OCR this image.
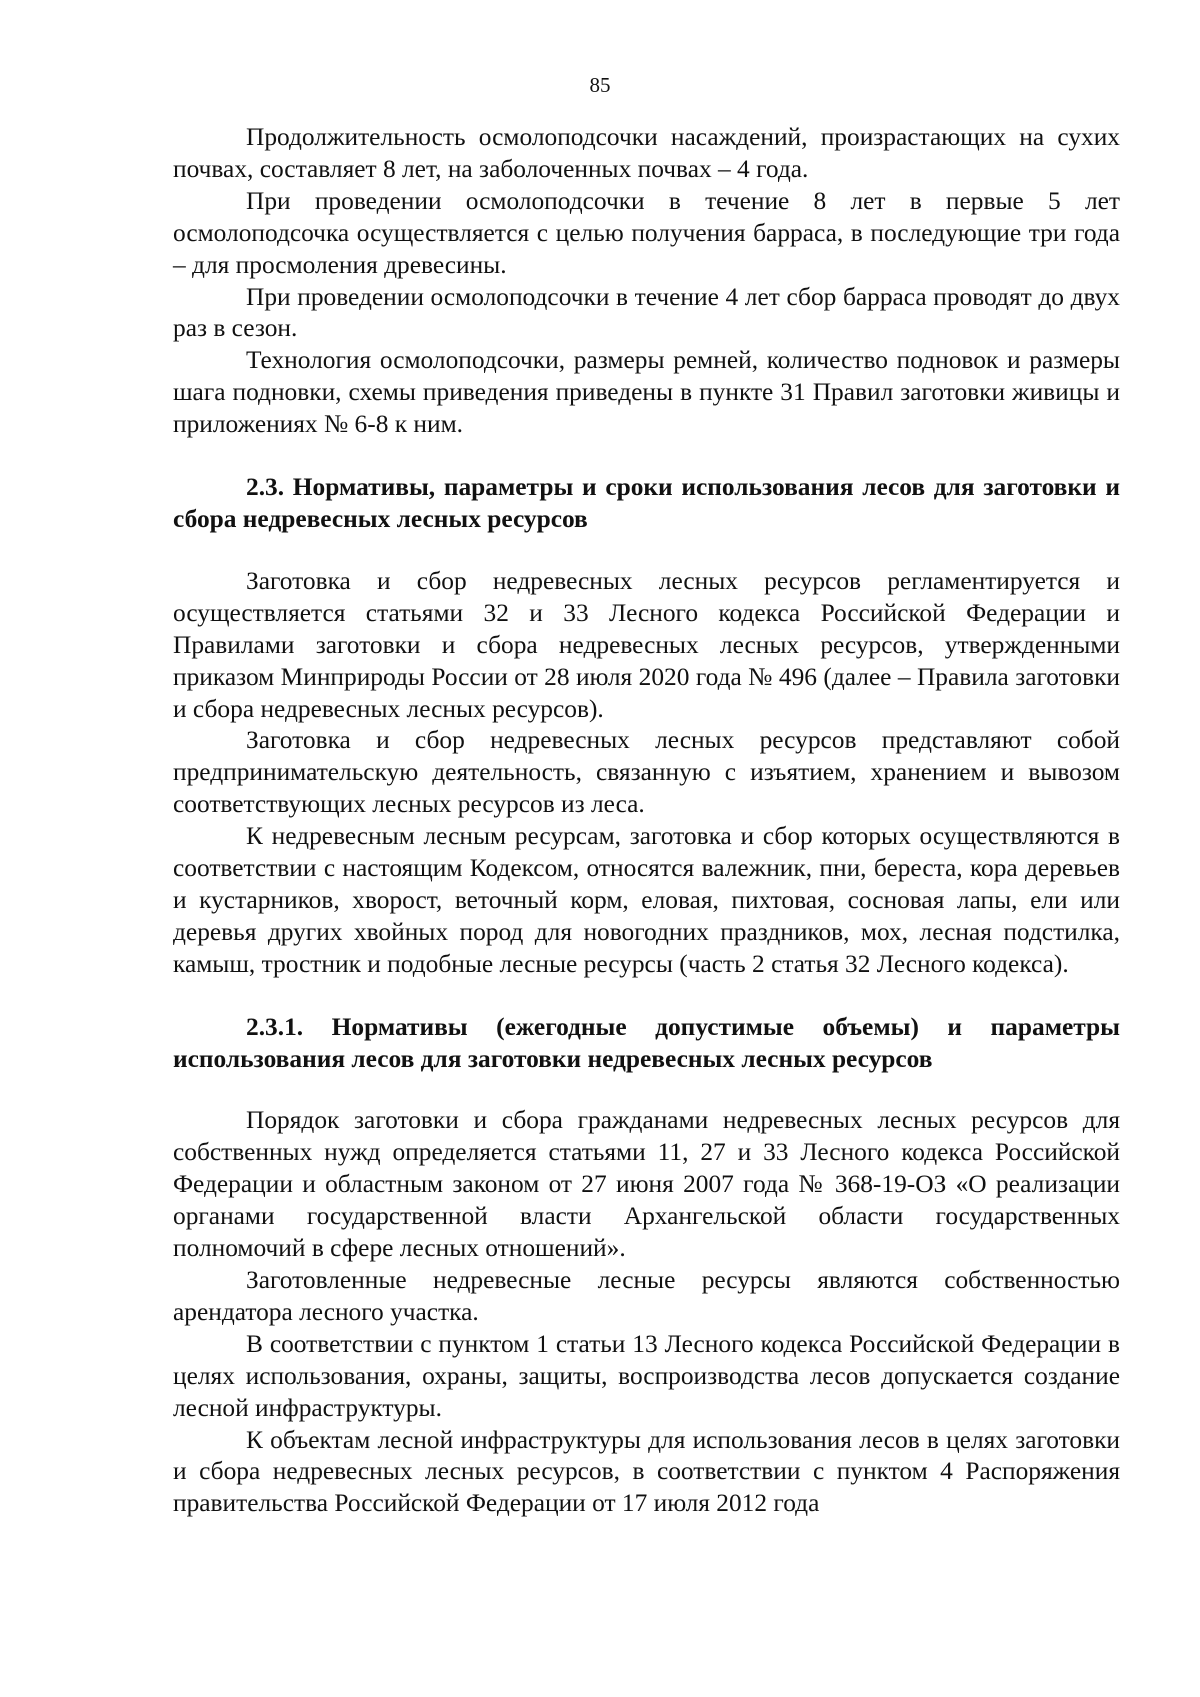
85

Продолжительность осмолоподсочки насаждений, произрастающих на сухих почвах, составляет 8 лет, на заболоченных почвах – 4 года.

При проведении осмолоподсочки в течение 8 лет в первые 5 лет осмолоподсочка осуществляется с целью получения барраса, в последующие три года – для просмоления древесины.

При проведении осмолоподсочки в течение 4 лет сбор барраса проводят до двух раз в сезон.

Технология осмолоподсочки, размеры ремней, количество подновок и размеры шага подновки, схемы приведения приведены в пункте 31 Правил заготовки живицы и приложениях № 6-8 к ним.

2.3. Нормативы, параметры и сроки использования лесов для заготовки и сбора недревесных лесных ресурсов

Заготовка и сбор недревесных лесных ресурсов регламентируется и осуществляется статьями 32 и 33 Лесного кодекса Российской Федерации и Правилами заготовки и сбора недревесных лесных ресурсов, утвержденными приказом Минприроды России от 28 июля 2020 года № 496 (далее – Правила заготовки и сбора недревесных лесных ресурсов).

Заготовка и сбор недревесных лесных ресурсов представляют собой предпринимательскую деятельность, связанную с изъятием, хранением и вывозом соответствующих лесных ресурсов из леса.

К недревесным лесным ресурсам, заготовка и сбор которых осуществляются в соответствии с настоящим Кодексом, относятся валежник, пни, береста, кора деревьев и кустарников, хворост, веточный корм, еловая, пихтовая, сосновая лапы, ели или деревья других хвойных пород для новогодних праздников, мох, лесная подстилка, камыш, тростник и подобные лесные ресурсы (часть 2 статья 32 Лесного кодекса).

2.3.1. Нормативы (ежегодные допустимые объемы) и параметры использования лесов для заготовки недревесных лесных ресурсов

Порядок заготовки и сбора гражданами недревесных лесных ресурсов для собственных нужд определяется статьями 11, 27 и 33 Лесного кодекса Российской Федерации и областным законом от 27 июня 2007 года № 368-19-ОЗ «О реализации органами государственной власти Архангельской области государственных полномочий в сфере лесных отношений».

Заготовленные недревесные лесные ресурсы являются собственностью арендатора лесного участка.

В соответствии с пунктом 1 статьи 13 Лесного кодекса Российской Федерации в целях использования, охраны, защиты, воспроизводства лесов допускается создание лесной инфраструктуры.

К объектам лесной инфраструктуры для использования лесов в целях заготовки и сбора недревесных лесных ресурсов, в соответствии с пунктом 4 Распоряжения правительства Российской Федерации от 17 июля 2012 года
